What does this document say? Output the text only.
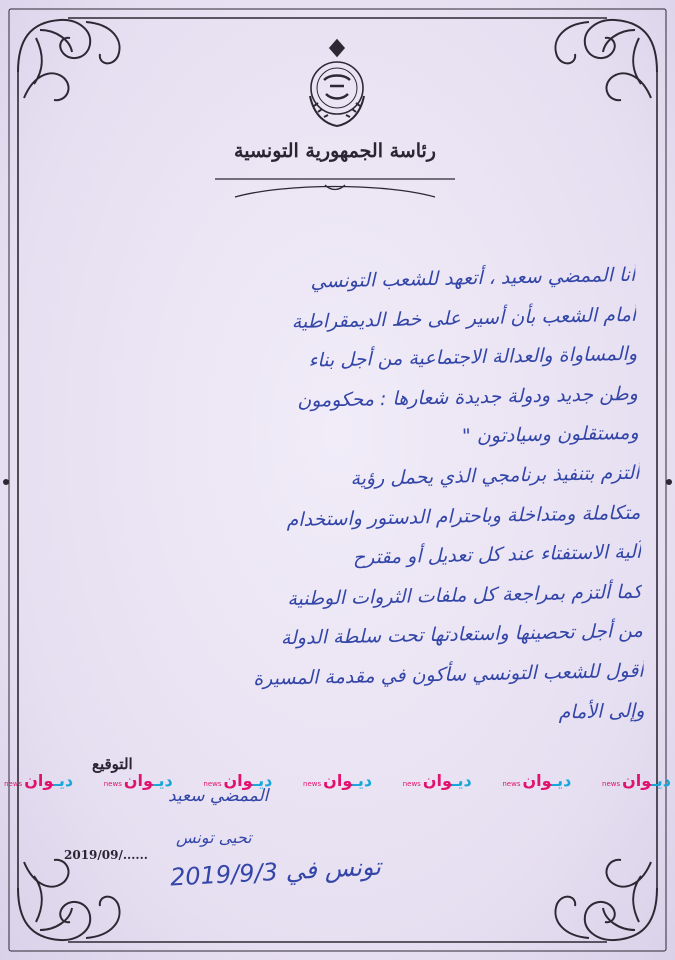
رئاسة الجمهورية التونسية
أنا الممضي سعيد ، أتعهد للشعب التونسي
أمام الشعب بأن أسير على خط الديمقراطية
والمساواة والعدالة الاجتماعية من أجل بناء
وطن جديد ودولة جديدة شعارها : محكومون
ومستقلون وسيادتون "
ألتزم بتنفيذ برنامجي الذي يحمل رؤية
متكاملة ومتداخلة وباحترام الدستور واستخدام
آلية الاستفتاء عند كل تعديل أو مقترح
كما ألتزم بمراجعة كل ملفات الثروات الوطنية
من أجل تحصينها واستعادتها تحت سلطة الدولة
أقول للشعب التونسي سأكون في مقدمة المسيرة
وإلى الأمام
ديـوان
news
ديـوان
news
ديـوان
news
ديـوان
news
ديـوان
news
ديـوان
news
ديـوان
news
التوقيع
الممضي سعيد
تحيى تونس
2019/09/......
تونس في 2019/9/3
